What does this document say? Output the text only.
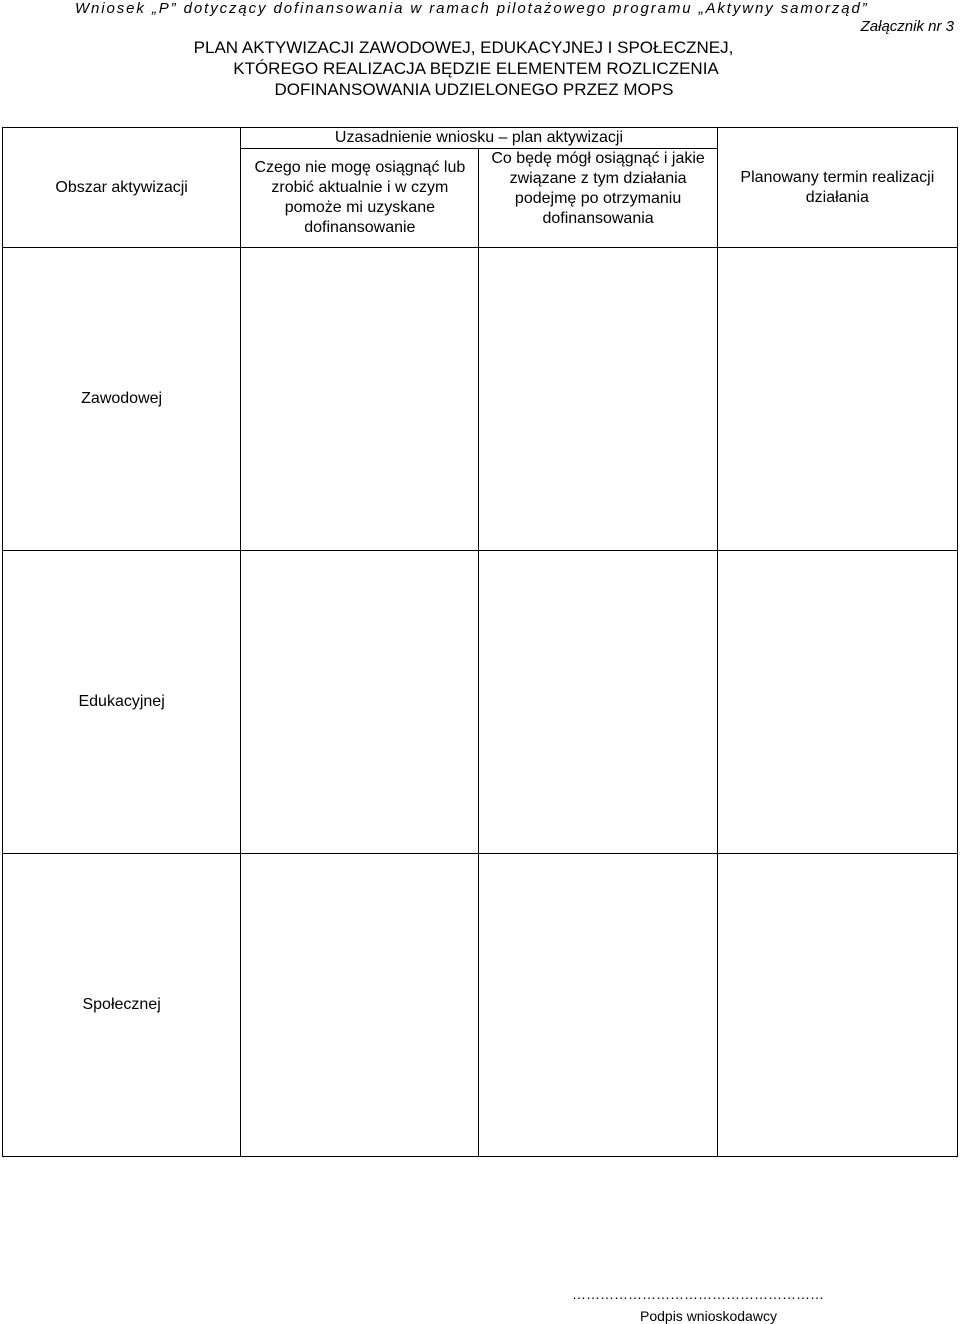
Wniosek „P” dotyczący dofinansowania w ramach pilotażowego programu „Aktywny samorząd”
Załącznik nr 3
PLAN AKTYWIZACJI ZAWODOWEJ, EDUKACYJNEJ I SPOŁECZNEJ,
KTÓREGO REALIZACJA BĘDZIE ELEMENTEM ROZLICZENIA
DOFINANSOWANIA UDZIELONEGO PRZEZ MOPS
Obszar aktywizacji	Uzasadnienie wniosku – plan aktywizacji		Planowany termin realizacji działania
	Czego nie mogę osiągnąć lub zrobić aktualnie i w czym pomoże mi uzyskane dofinansowanie	Co będę mógł osiągnąć i jakie związane z tym działania podejmę po otrzymaniu dofinansowania	
Zawodowej			
Edukacyjnej			
Społecznej			
………………………………………………
Podpis wnioskodawcy
